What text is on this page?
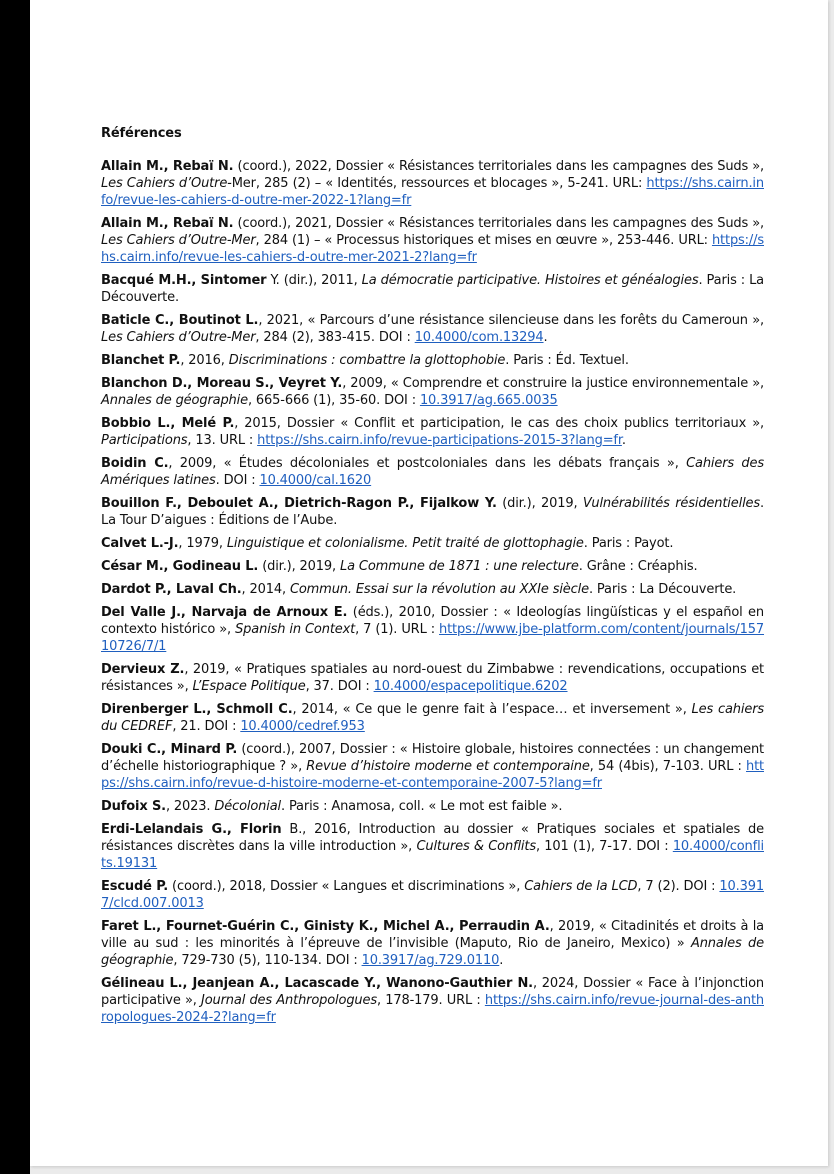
Références

Allain M., Rebaï N. (coord.), 2022, Dossier « Résistances territoriales dans les campagnes des Suds », Les Cahiers d’Outre-Mer, 285 (2) – « Identités, ressources et blocages », 5-241. URL: https://shs.cairn.info/revue-les-cahiers-d-outre-mer-2022-1?lang=fr

Allain M., Rebaï N. (coord.), 2021, Dossier « Résistances territoriales dans les campagnes des Suds », Les Cahiers d’Outre-Mer, 284 (1) – « Processus historiques et mises en œuvre », 253-446. URL: https://shs.cairn.info/revue-les-cahiers-d-outre-mer-2021-2?lang=fr

Bacqué M.H., Sintomer Y. (dir.), 2011, La démocratie participative. Histoires et généalogies. Paris : La Découverte.

Baticle C., Boutinot L., 2021, « Parcours d’une résistance silencieuse dans les forêts du Cameroun », Les Cahiers d’Outre-Mer, 284 (2), 383-415. DOI : 10.4000/com.13294.

Blanchet P., 2016, Discriminations : combattre la glottophobie. Paris : Éd. Textuel.

Blanchon D., Moreau S., Veyret Y., 2009, « Comprendre et construire la justice environnementale », Annales de géographie, 665-666 (1), 35-60. DOI : 10.3917/ag.665.0035

Bobbio L., Melé P., 2015, Dossier « Conflit et participation, le cas des choix publics territoriaux », Participations, 13. URL : https://shs.cairn.info/revue-participations-2015-3?lang=fr.

Boidin C., 2009, « Études décoloniales et postcoloniales dans les débats français », Cahiers des Amériques latines. DOI : 10.4000/cal.1620

Bouillon F., Deboulet A., Dietrich-Ragon P., Fijalkow Y. (dir.), 2019, Vulnérabilités résidentielles. La Tour D’aigues : Éditions de l’Aube.

Calvet L.-J., 1979, Linguistique et colonialisme. Petit traité de glottophagie. Paris : Payot.

César M., Godineau L. (dir.), 2019, La Commune de 1871 : une relecture. Grâne : Créaphis.

Dardot P., Laval Ch., 2014, Commun. Essai sur la révolution au XXIe siècle. Paris : La Découverte.

Del Valle J., Narvaja de Arnoux E. (éds.), 2010, Dossier : « Ideologías lingüísticas y el español en contexto histórico », Spanish in Context, 7 (1). URL : https://www.jbe-platform.com/content/journals/15710726/7/1

Dervieux Z., 2019, « Pratiques spatiales au nord-ouest du Zimbabwe : revendications, occupations et résistances », L’Espace Politique, 37. DOI : 10.4000/espacepolitique.6202

Direnberger L., Schmoll C., 2014, « Ce que le genre fait à l’espace… et inversement », Les cahiers du CEDREF, 21. DOI : 10.4000/cedref.953

Douki C., Minard P. (coord.), 2007, Dossier : « Histoire globale, histoires connectées : un changement d’échelle historiographique ? », Revue d’histoire moderne et contemporaine, 54 (4bis), 7-103. URL : https://shs.cairn.info/revue-d-histoire-moderne-et-contemporaine-2007-5?lang=fr

Dufoix S., 2023. Décolonial. Paris : Anamosa, coll. « Le mot est faible ».

Erdi-Lelandais G., Florin B., 2016, Introduction au dossier « Pratiques sociales et spatiales de résistances discrètes dans la ville introduction », Cultures & Conflits, 101 (1), 7-17. DOI : 10.4000/conflits.19131

Escudé P. (coord.), 2018, Dossier « Langues et discriminations », Cahiers de la LCD, 7 (2). DOI : 10.3917/clcd.007.0013

Faret L., Fournet-Guérin C., Ginisty K., Michel A., Perraudin A., 2019, « Citadinités et droits à la ville au sud : les minorités à l’épreuve de l’invisible (Maputo, Rio de Janeiro, Mexico) » Annales de géographie, 729-730 (5), 110-134. DOI : 10.3917/ag.729.0110.

Gélineau L., Jeanjean A., Lacascade Y., Wanono-Gauthier N., 2024, Dossier « Face à l’injonction participative », Journal des Anthropologues, 178-179. URL : https://shs.cairn.info/revue-journal-des-anthropologues-2024-2?lang=fr
